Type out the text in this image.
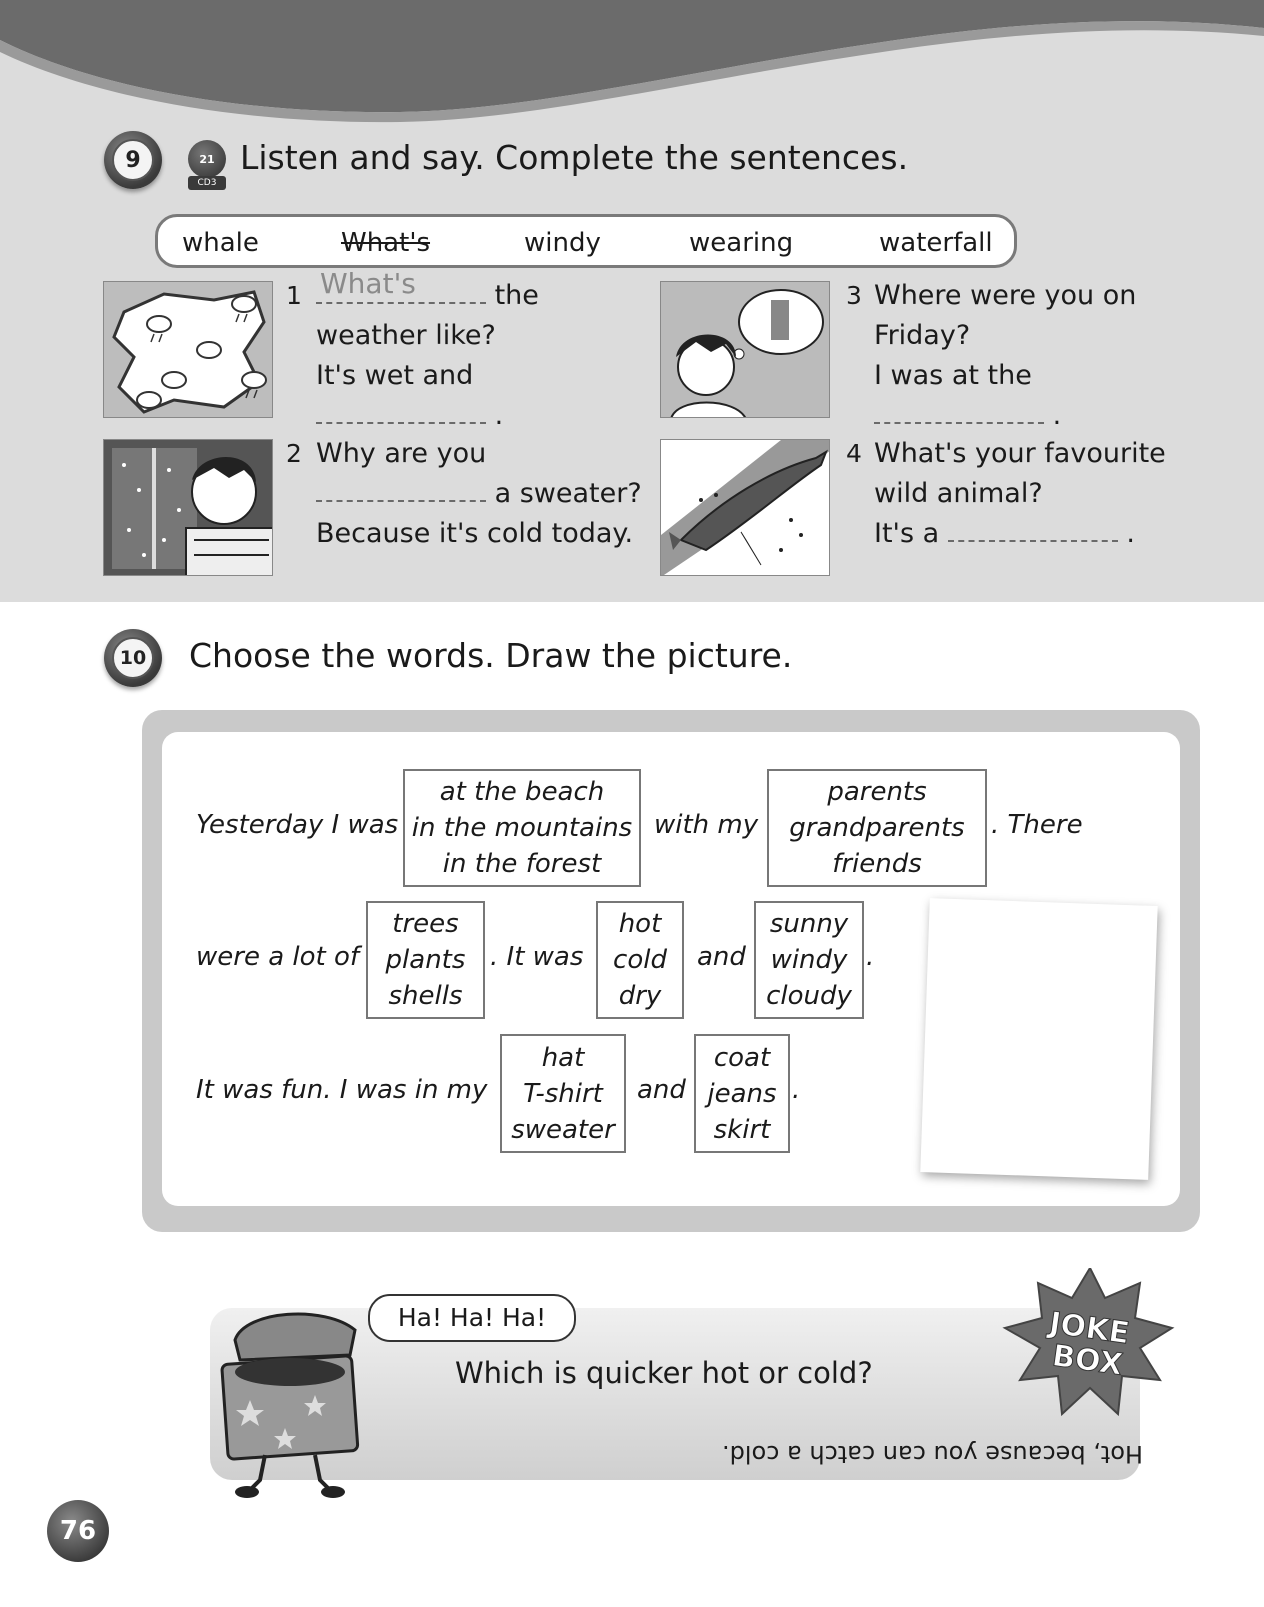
9	21
CD3
Listen and say. Complete the sentences.
whale	What's	windy	wearing	waterfall
1 What's	the
weather like?
It's wet and
.
2 Why are you
a sweater?
Because it's cold today.
3 Where were you on
Friday?
I was at the
.
4 What's your favourite
wild animal?
It's a	.
10 Choose the words. Draw the picture.
Yesterday I was
at the beach
in the mountains
in the forest
with my
parents
grandparents
friends
. There
were a lot of
trees
plants
shells
. It was
hot
cold
dry
and
sunny
windy
cloudy
.
It was fun. I was in my
hat
T-shirt
sweater
and
coat
jeans
skirt
.
Ha! Ha! Ha!
Which is quicker hot or cold?
Hot, because you can catch a cold.
JOKE
BOX
76
